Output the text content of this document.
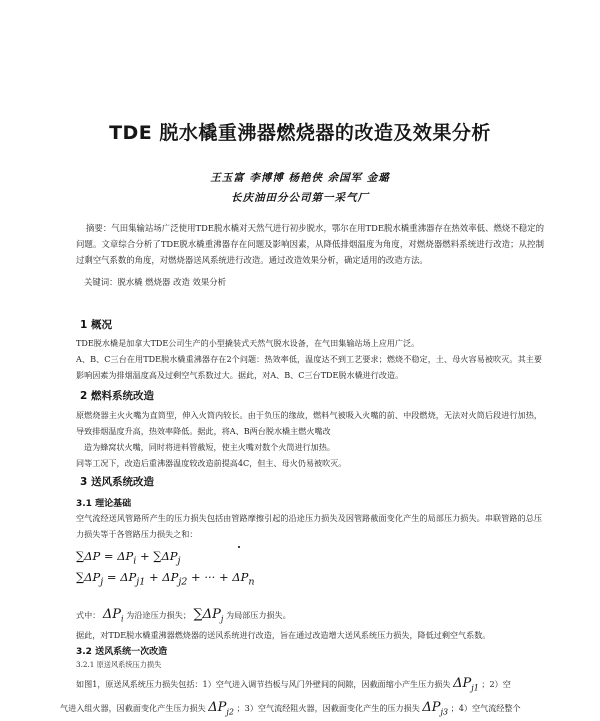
TDE 脱水橇重沸器燃烧器的改造及效果分析
王玉富 李博博 杨艳侠 余国军 金璐
长庆油田分公司第一采气厂
摘要：气田集输站场广泛使用TDE脱水橇对天然气进行初步脱水，鄂尔在用TDE脱水橇重沸器存在热效率低、燃烧不稳定的问题。文章综合分析了TDE脱水橇重沸器存在问题及影响因素，从降低排烟温度为角度，对燃烧器燃料系统进行改造；从控制过剩空气系数的角度，对燃烧器送风系统进行改造。通过改造效果分析，确定适用的改造方法。
关键词：脱水橇 燃烧器 改造 效果分析
1 概况
TDE脱水橇是加拿大TDE公司生产的小型撬装式天然气脱水设备，在气田集输站场上应用广泛。
A、B、C三台在用TDE脱水橇重沸器存在2个问题：热效率低，温度达不到工艺要求；燃烧不稳定，土、母火容易被吹灭。其主要影响因素为排烟温度高及过剩空气系数过大。据此，对A、B、C三台TDE脱水橇进行改造。
2 燃料系统改造
原燃烧器主火火嘴为直筒型，伸入火筒内较长。由于负压的缘故，燃料气被吸入火嘴的前、中段燃烧，无法对火筒后段进行加热，导致排烟温度升高，热效率降低。据此，将A、B两台脱水橇主燃火嘴改
造为蜂窝状火嘴，同时将进料管截短，使主火嘴对数个火筒进行加热。
同等工况下，改造后重沸器温度较改造前提高4C，但主、母火仍易被吹灭。
3 送风系统改造
3.1 理论基础
空气流经送风管路所产生的压力损失包括由管路摩擦引起的沿途压力损失及因管路截面变化产生的局部压力损失。串联管路的总压力损失等于各管路压力损失之和：
$\sum\Delta P = \Delta P_i + \sum\Delta P_j$
$\sum\Delta P_j = \Delta P_{j1} + \Delta P_{j2}$ + ··· + $\Delta P_n$
式中： $\Delta P_i$ 为沿途压力损失； $\sum\Delta P_j$ 为局部压力损失。
据此，对TDE脱水橇重沸器燃烧器的送风系统进行改造，旨在通过改造增大送风系统压力损失，降低过剩空气系数。
3.2 送风系统一次改造
3.2.1 原送风系统压力损失
如图1，原送风系统压力损失包括：1）空气进入调节挡板与风门外壁间的间隙，因截面缩小产生压力损失 $\Delta P_{j1}$ ；2）空
气进入组火器，因截面变化产生压力损失 $\Delta P_{j2}$ ；3）空气流经阻火器，因截面变化产生的压力损失 $\Delta P_{j3}$ ；4）空气流经整个
